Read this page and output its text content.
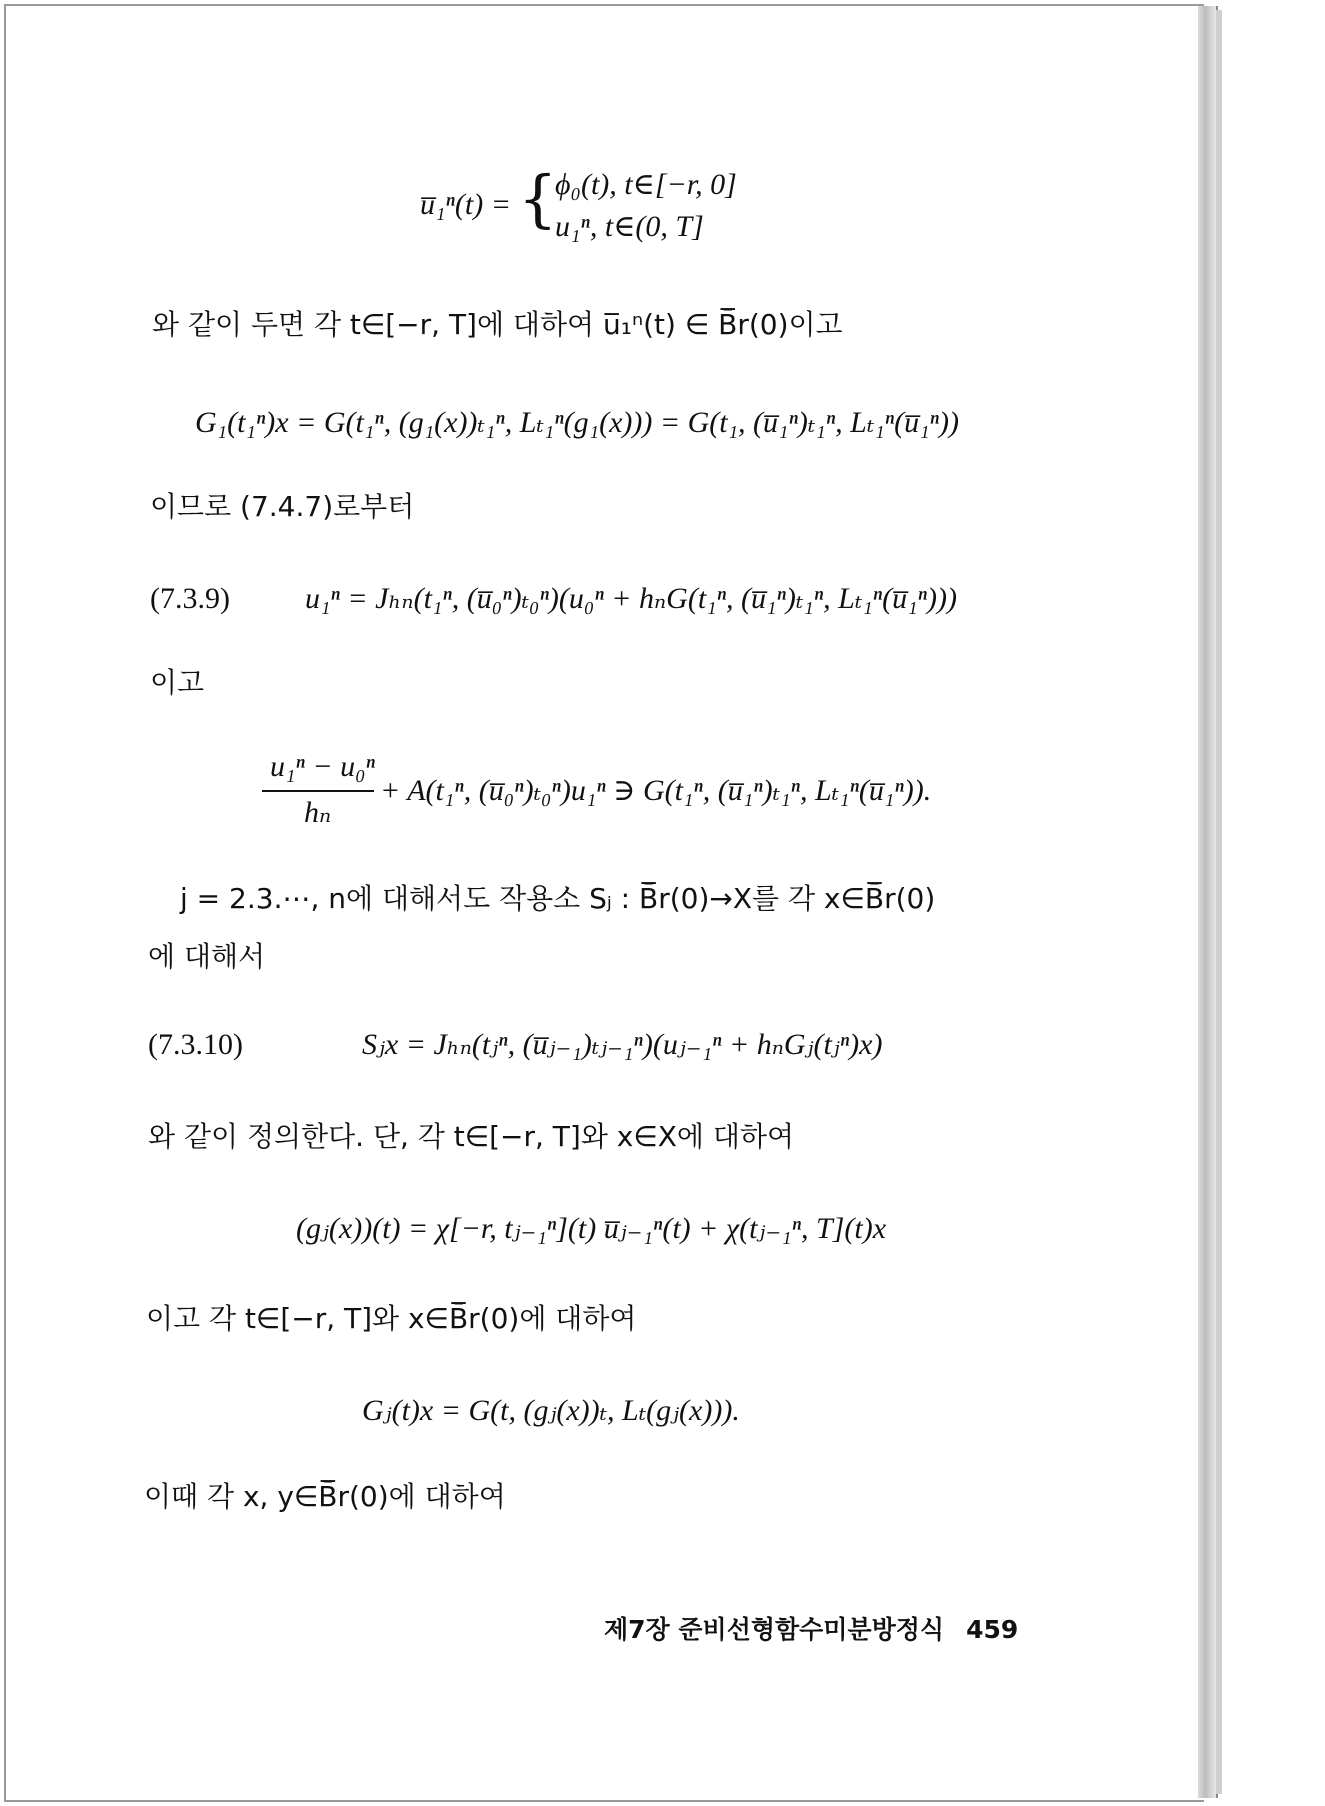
u̅₁ⁿ(t) = {
ϕ₀(t), t∈[−r, 0]
u₁ⁿ, t∈(0, T]
와 같이 두면 각 t∈[−r, T]에 대하여 u̅₁ⁿ(t) ∈ B̅̄r(0)이고
G₁(t₁ⁿ)x = G(t₁ⁿ, (g₁(x))ₜ₁ⁿ, Lₜ₁ⁿ(g₁(x))) = G(t₁, (u̅₁ⁿ)ₜ₁ⁿ, Lₜ₁ⁿ(u̅₁ⁿ))
이므로 (7.4.7)로부터
(7.3.9)	u₁ⁿ = Jₕₙ(t₁ⁿ, (u̅₀ⁿ)ₜ₀ⁿ)(u₀ⁿ + hₙG(t₁ⁿ, (u̅₁ⁿ)ₜ₁ⁿ, Lₜ₁ⁿ(u̅₁ⁿ)))
이고
u₁ⁿ − u₀ⁿ
hₙ
+ A(t₁ⁿ, (u̅₀ⁿ)ₜ₀ⁿ)u₁ⁿ ∋ G(t₁ⁿ, (u̅₁ⁿ)ₜ₁ⁿ, Lₜ₁ⁿ(u̅₁ⁿ)).
j = 2.3.⋯, n에 대해서도 작용소 Sⱼ : B̅̄r(0)→X를 각 x∈B̅̄r(0)
에 대해서
(7.3.10)	Sⱼx = Jₕₙ(tⱼⁿ, (u̅ⱼ₋₁)ₜⱼ₋₁ⁿ)(uⱼ₋₁ⁿ + hₙGⱼ(tⱼⁿ)x)
와 같이 정의한다. 단, 각 t∈[−r, T]와 x∈X에 대하여
(gⱼ(x))(t) = χ[−r, tⱼ₋₁ⁿ](t) u̅ⱼ₋₁ⁿ(t) + χ(tⱼ₋₁ⁿ, T](t)x
이고 각 t∈[−r, T]와 x∈B̅̄r(0)에 대하여
Gⱼ(t)x = G(t, (gⱼ(x))ₜ, Lₜ(gⱼ(x))).
이때 각 x, y∈B̅̄r(0)에 대하여
제7장 준비선형함수미분방정식 459
